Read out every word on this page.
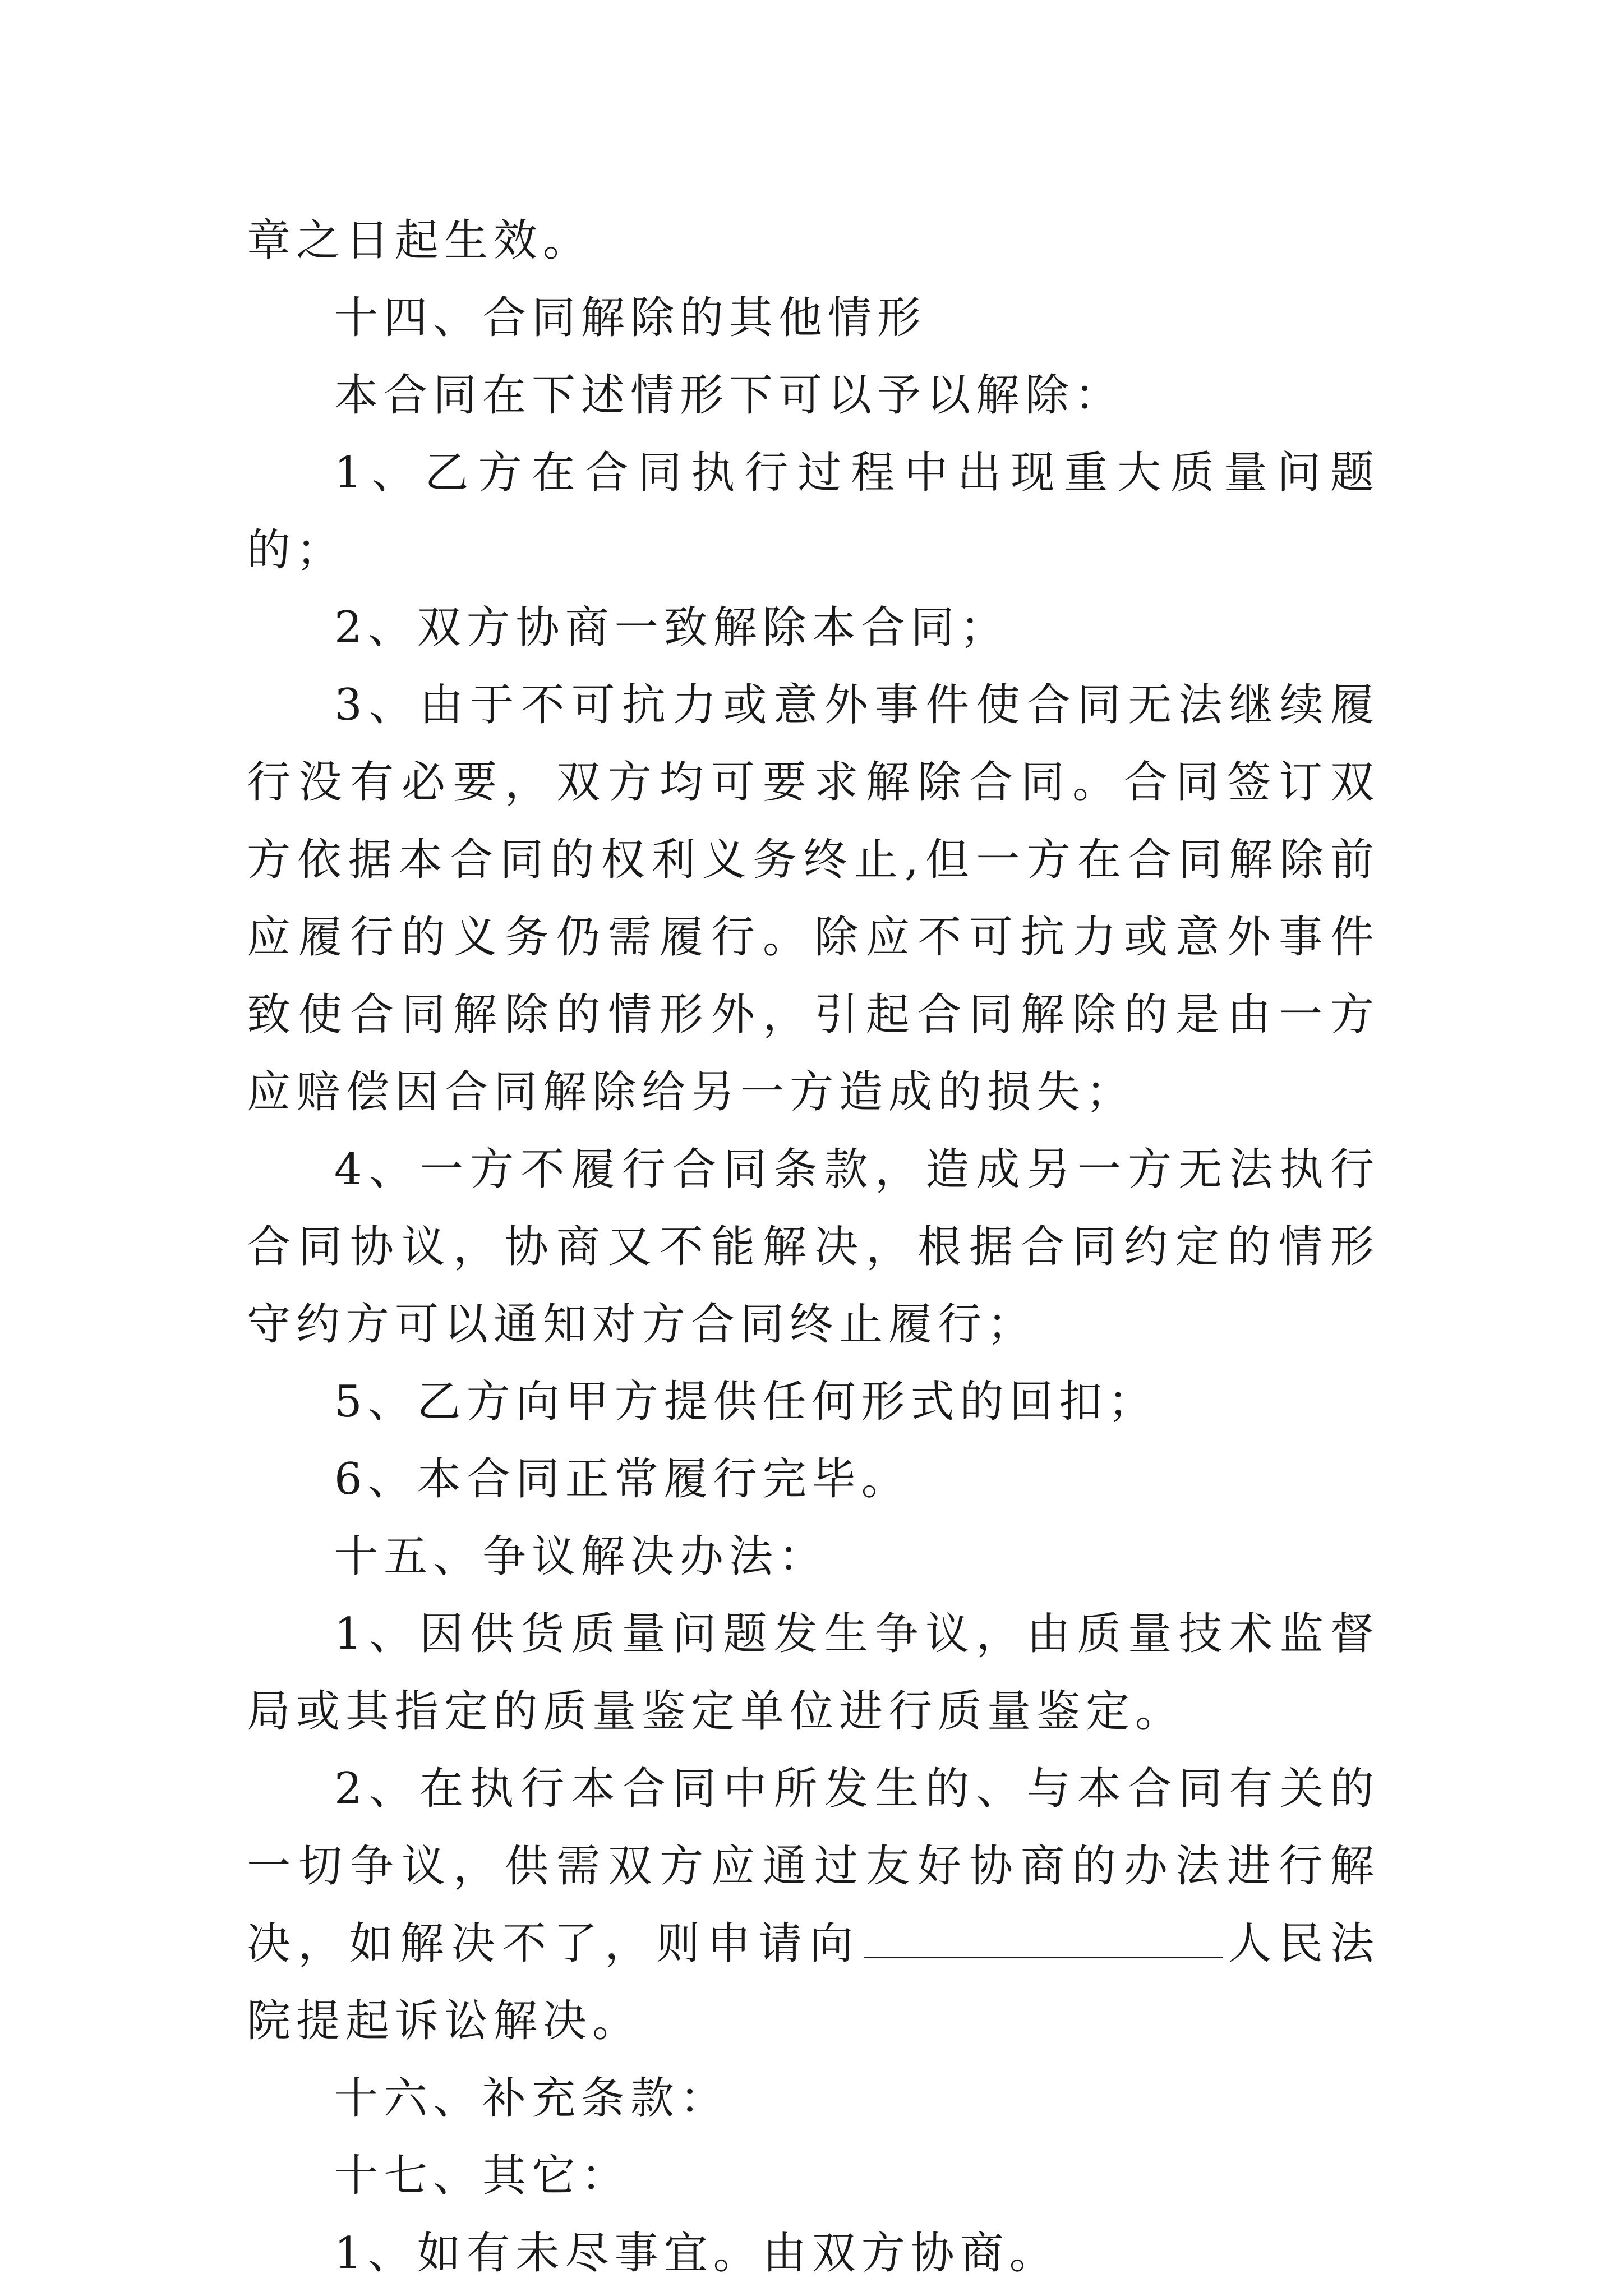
章之日起生效。

十四、合同解除的其他情形

本合同在下述情形下可以予以解除：

1、乙方在合同执行过程中出现重大质量问题的；

2、双方协商一致解除本合同；

3、由于不可抗力或意外事件使合同无法继续履行没有必要，双方均可要求解除合同。合同签订双方依据本合同的权利义务终止,但一方在合同解除前应履行的义务仍需履行。除应不可抗力或意外事件致使合同解除的情形外，引起合同解除的是由一方应赔偿因合同解除给另一方造成的损失；

4、一方不履行合同条款，造成另一方无法执行合同协议，协商又不能解决，根据合同约定的情形守约方可以通知对方合同终止履行；

5、乙方向甲方提供任何形式的回扣；

6、本合同正常履行完毕。

十五、争议解决办法：

1、因供货质量问题发生争议，由质量技术监督局或其指定的质量鉴定单位进行质量鉴定。

2、在执行本合同中所发生的、与本合同有关的一切争议，供需双方应通过友好协商的办法进行解决，如解决不了，则申请向	人民法院提起诉讼解决。

十六、补充条款：

十七、其它：

1、如有未尽事宜。由双方协商。
